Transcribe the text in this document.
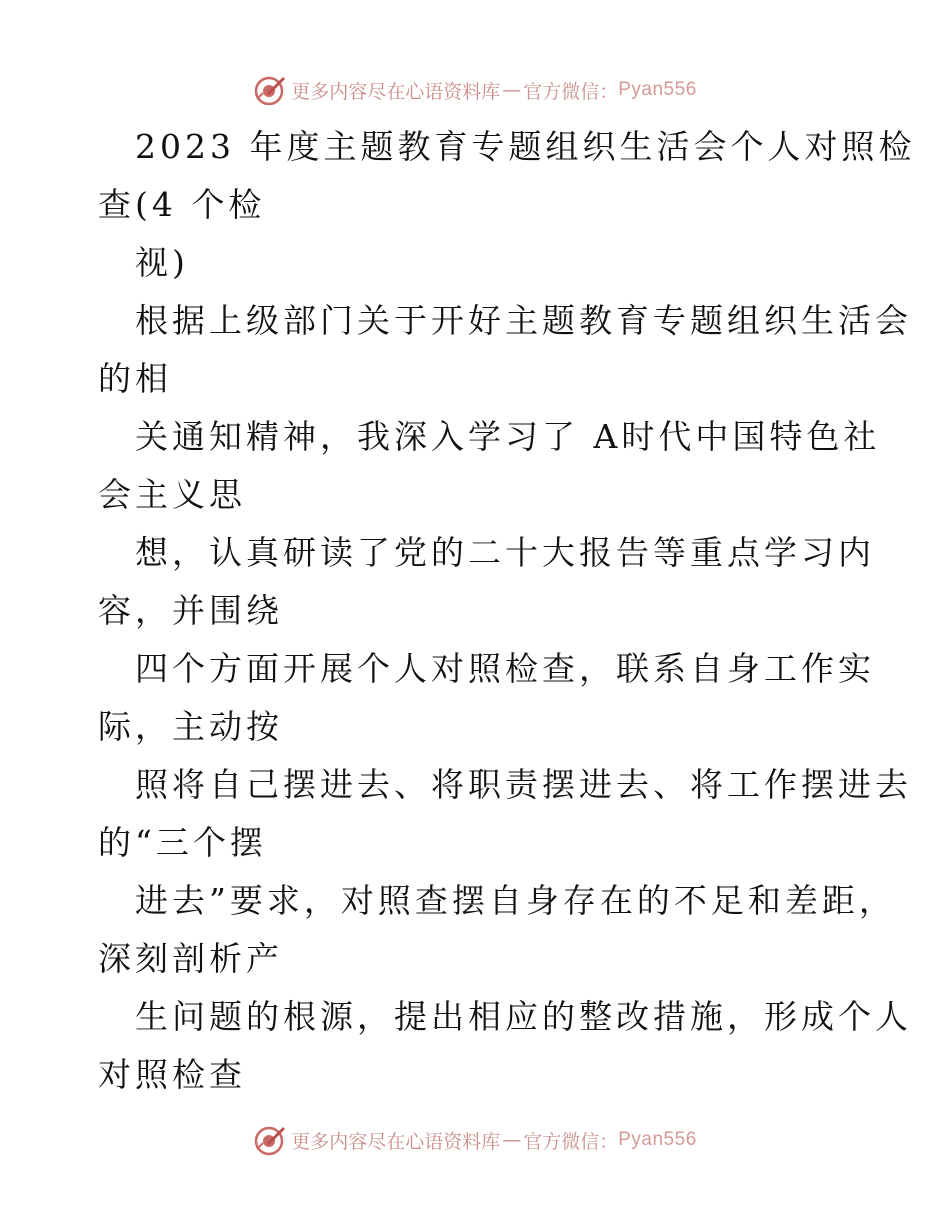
更多内容尽在心语资料库 — 官方微信： Pyan556
2023 年度主题教育专题组织生活会个人对照检
查(4 个检
视)
根据上级部门关于开好主题教育专题组织生活会
的相
关通知精神，我深入学习了 A时代中国特色社
会主义思
想，认真研读了党的二十大报告等重点学习内
容，并围绕
四个方面开展个人对照检查，联系自身工作实
际，主动按
照将自己摆进去、将职责摆进去、将工作摆进去
的“三个摆
进去”要求，对照查摆自身存在的不足和差距，
深刻剖析产
生问题的根源，提出相应的整改措施，形成个人
对照检查
更多内容尽在心语资料库 — 官方微信： Pyan556
